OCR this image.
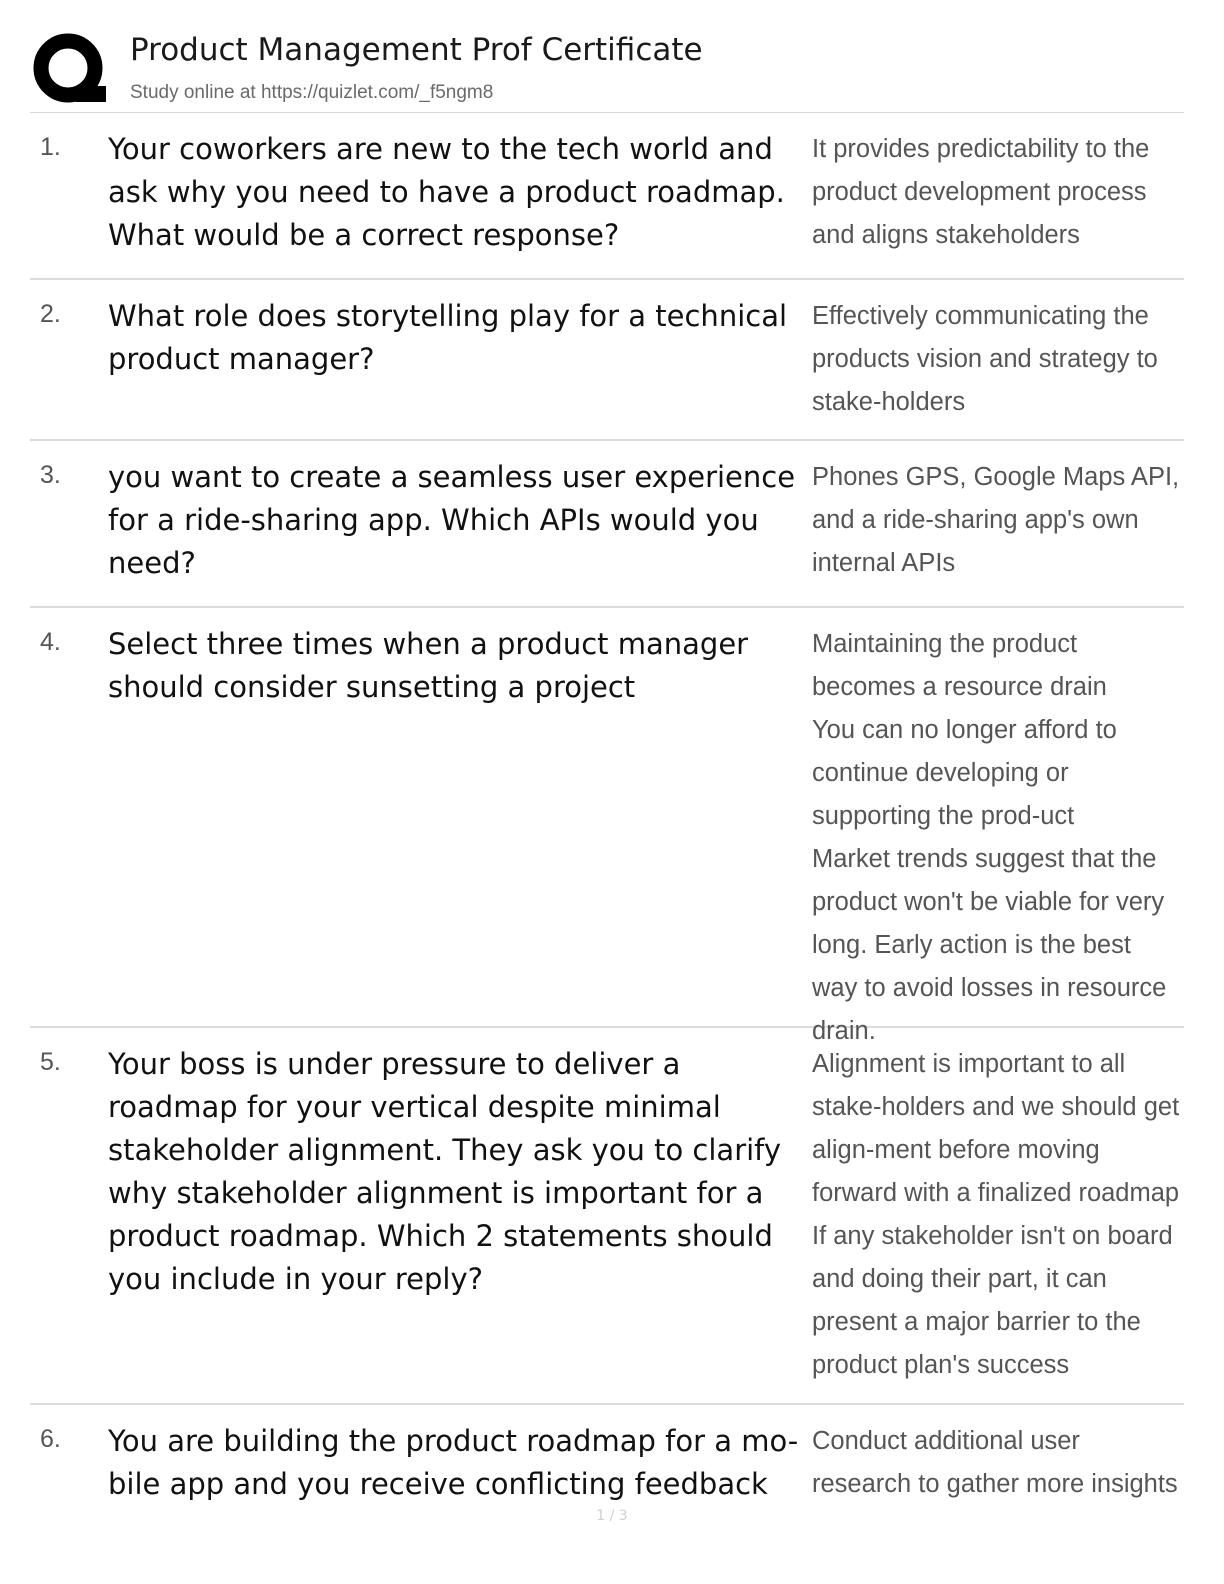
Product Management Prof Certificate
Study online at https://quizlet.com/_f5ngm8
1. Your coworkers are new to the tech world and ask why you need to have a product roadmap. What would be a correct response?

It provides predictability to the product development process and aligns stakeholders

2. What role does storytelling play for a technical product manager?

Effectively communicating the products vision and strategy to stake-holders

3. you want to create a seamless user experience for a ride-sharing app. Which APIs would you need?

Phones GPS, Google Maps API, and a ride-sharing app's own internal APIs

4. Select three times when a product manager should consider sunsetting a project

Maintaining the product becomes a resource drain

You can no longer afford to continue developing or supporting the prod-uct

Market trends suggest that the product won't be viable for very long. Early action is the best way to avoid losses in resource drain.

5. Your boss is under pressure to deliver a roadmap for your vertical despite minimal stakeholder alignment. They ask you to clarify why stakeholder alignment is important for a product roadmap. Which 2 statements should you include in your reply?

Alignment is important to all stake-holders and we should get align-ment before moving forward with a finalized roadmap

If any stakeholder isn't on board and doing their part, it can present a major barrier to the product plan's success

6. You are building the product roadmap for a mo-bile app and you receive conflicting feedback

Conduct additional user research to gather more insights

1 / 3
